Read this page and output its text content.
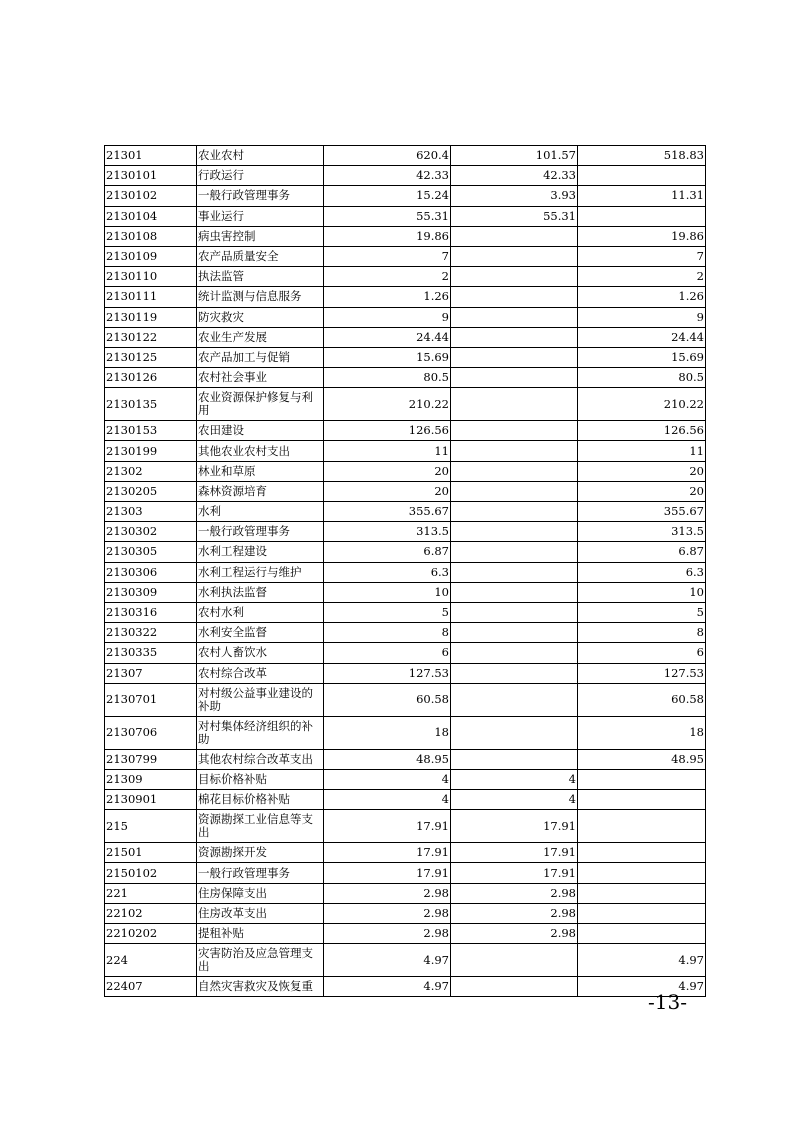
21301	农业农村	620.4	101.57	518.83
2130101	行政运行	42.33	42.33	
2130102	一般行政管理事务	15.24	3.93	11.31
2130104	事业运行	55.31	55.31	
2130108	病虫害控制	19.86		19.86
2130109	农产品质量安全	7		7
2130110	执法监管	2		2
2130111	统计监测与信息服务	1.26		1.26
2130119	防灾救灾	9		9
2130122	农业生产发展	24.44		24.44
2130125	农产品加工与促销	15.69		15.69
2130126	农村社会事业	80.5		80.5
2130135	农业资源保护修复与利用	210.22		210.22
2130153	农田建设	126.56		126.56
2130199	其他农业农村支出	11		11
21302	林业和草原	20		20
2130205	森林资源培育	20		20
21303	水利	355.67		355.67
2130302	一般行政管理事务	313.5		313.5
2130305	水利工程建设	6.87		6.87
2130306	水利工程运行与维护	6.3		6.3
2130309	水利执法监督	10		10
2130316	农村水利	5		5
2130322	水利安全监督	8		8
2130335	农村人畜饮水	6		6
21307	农村综合改革	127.53		127.53
2130701	对村级公益事业建设的补助	60.58		60.58
2130706	对村集体经济组织的补助	18		18
2130799	其他农村综合改革支出	48.95		48.95
21309	目标价格补贴	4	4	
2130901	棉花目标价格补贴	4	4	
215	资源勘探工业信息等支出	17.91	17.91	
21501	资源勘探开发	17.91	17.91	
2150102	一般行政管理事务	17.91	17.91	
221	住房保障支出	2.98	2.98	
22102	住房改革支出	2.98	2.98	
2210202	提租补贴	2.98	2.98	
224	灾害防治及应急管理支出	4.97		4.97
22407	自然灾害救灾及恢复重	4.97		4.97
-13-
